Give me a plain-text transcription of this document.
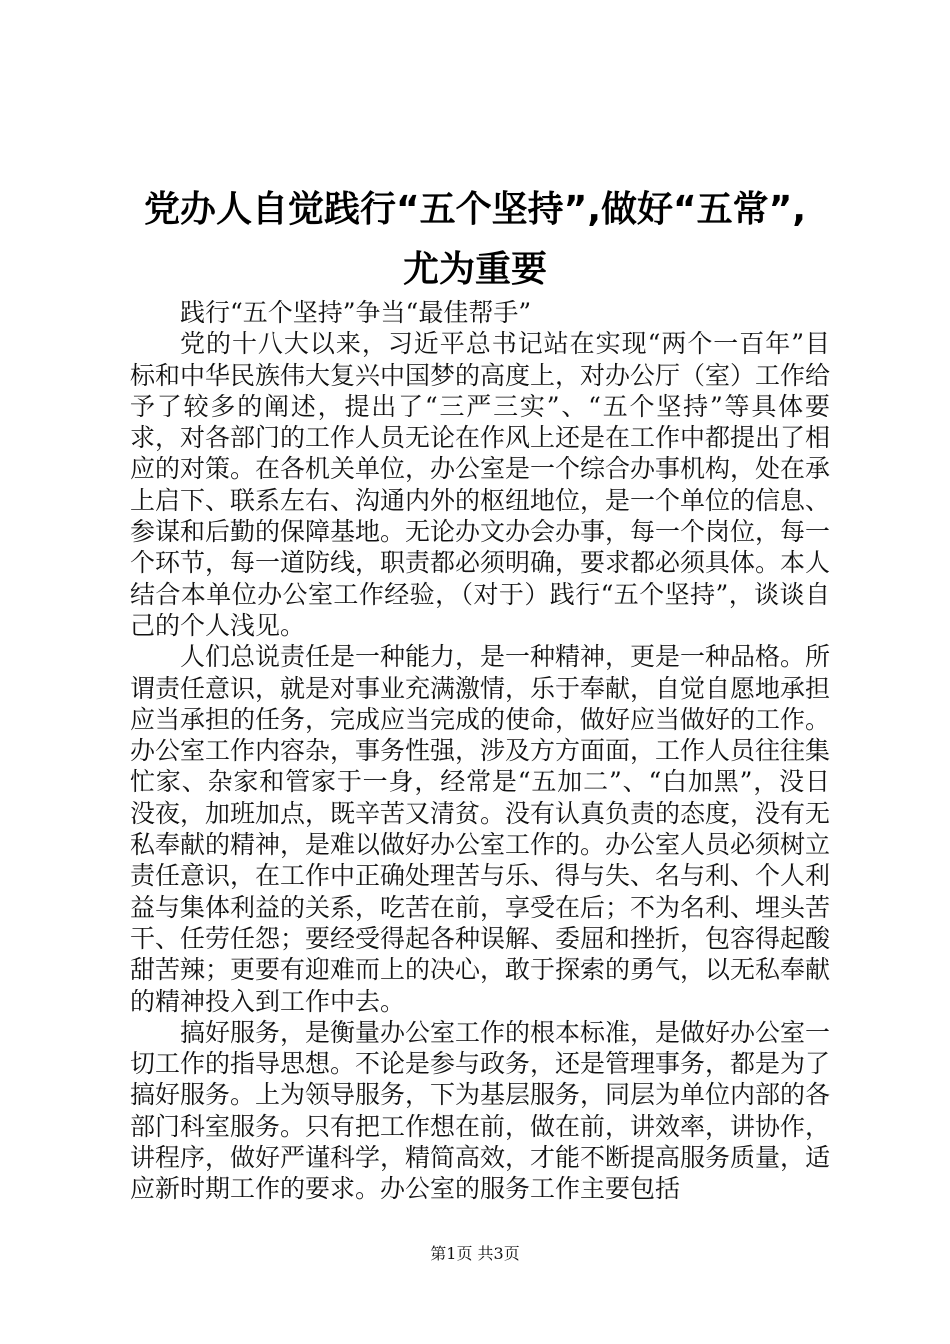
党办人自觉践行“五个坚持”,做好“五常”,
尤为重要

践行“五个坚持”争当“最佳帮手”

党的十八大以来，习近平总书记站在实现“两个一百年”目标和中华民族伟大复兴中国梦的高度上，对办公厅（室）工作给予了较多的阐述，提出了“三严三实”、“五个坚持”等具体要求，对各部门的工作人员无论在作风上还是在工作中都提出了相应的对策。在各机关单位，办公室是一个综合办事机构，处在承上启下、联系左右、沟通内外的枢纽地位，是一个单位的信息、参谋和后勤的保障基地。无论办文办会办事，每一个岗位，每一个环节，每一道防线，职责都必须明确，要求都必须具体。本人结合本单位办公室工作经验，（对于）践行“五个坚持”，谈谈自己的个人浅见。

人们总说责任是一种能力，是一种精神，更是一种品格。所谓责任意识，就是对事业充满激情，乐于奉献，自觉自愿地承担应当承担的任务，完成应当完成的使命，做好应当做好的工作。办公室工作内容杂，事务性强，涉及方方面面，工作人员往往集忙家、杂家和管家于一身，经常是“五加二”、“白加黑”，没日没夜，加班加点，既辛苦又清贫。没有认真负责的态度，没有无私奉献的精神，是难以做好办公室工作的。办公室人员必须树立责任意识，在工作中正确处理苦与乐、得与失、名与利、个人利益与集体利益的关系，吃苦在前，享受在后；不为名利、埋头苦干、任劳任怨；要经受得起各种误解、委屈和挫折，包容得起酸甜苦辣；更要有迎难而上的决心，敢于探索的勇气，以无私奉献的精神投入到工作中去。

搞好服务，是衡量办公室工作的根本标准，是做好办公室一切工作的指导思想。不论是参与政务，还是管理事务，都是为了搞好服务。上为领导服务，下为基层服务，同层为单位内部的各部门科室服务。只有把工作想在前，做在前，讲效率，讲协作，讲程序，做好严谨科学，精简高效，才能不断提高服务质量，适应新时期工作的要求。办公室的服务工作主要包括

第1页 共3页
